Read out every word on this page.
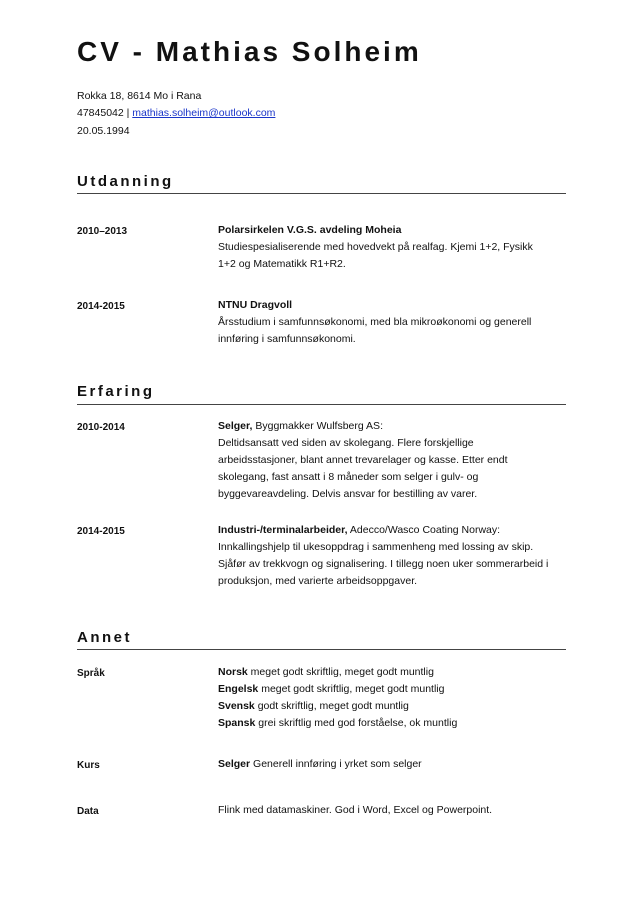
CV - Mathias Solheim
Rokka 18, 8614 Mo i Rana
47845042 | mathias.solheim@outlook.com
20.05.1994
Utdanning
2010–2013	Polarsirkelen V.G.S. avdeling Moheia
Studiespesialiserende med hovedvekt på realfag. Kjemi 1+2, Fysikk
1+2 og Matematikk R1+R2.
2014-2015	NTNU Dragvoll
Årsstudium i samfunnsøkonomi, med bla mikroøkonomi og generell
innføring i samfunnsøkonomi.
Erfaring
2010-2014	Selger, Byggmakker Wulfsberg AS:
Deltidsansatt ved siden av skolegang. Flere forskjellige
arbeidsstasjoner, blant annet trevarelager og kasse. Etter endt
skolegang, fast ansatt i 8 måneder som selger i gulv- og
byggevareavdeling. Delvis ansvar for bestilling av varer.
2014-2015	Industri-/terminalarbeider, Adecco/Wasco Coating Norway:
Innkallingshjelp til ukesoppdrag i sammenheng med lossing av skip.
Sjåfør av trekkvogn og signalisering. I tillegg noen uker sommerarbeid i
produksjon, med varierte arbeidsoppgaver.
Annet
Språk	Norsk meget godt skriftlig, meget godt muntlig
Engelsk meget godt skriftlig, meget godt muntlig
Svensk godt skriftlig, meget godt muntlig
Spansk grei skriftlig med god forståelse, ok muntlig
Kurs	Selger Generell innføring i yrket som selger
Data	Flink med datamaskiner. God i Word, Excel og Powerpoint.
